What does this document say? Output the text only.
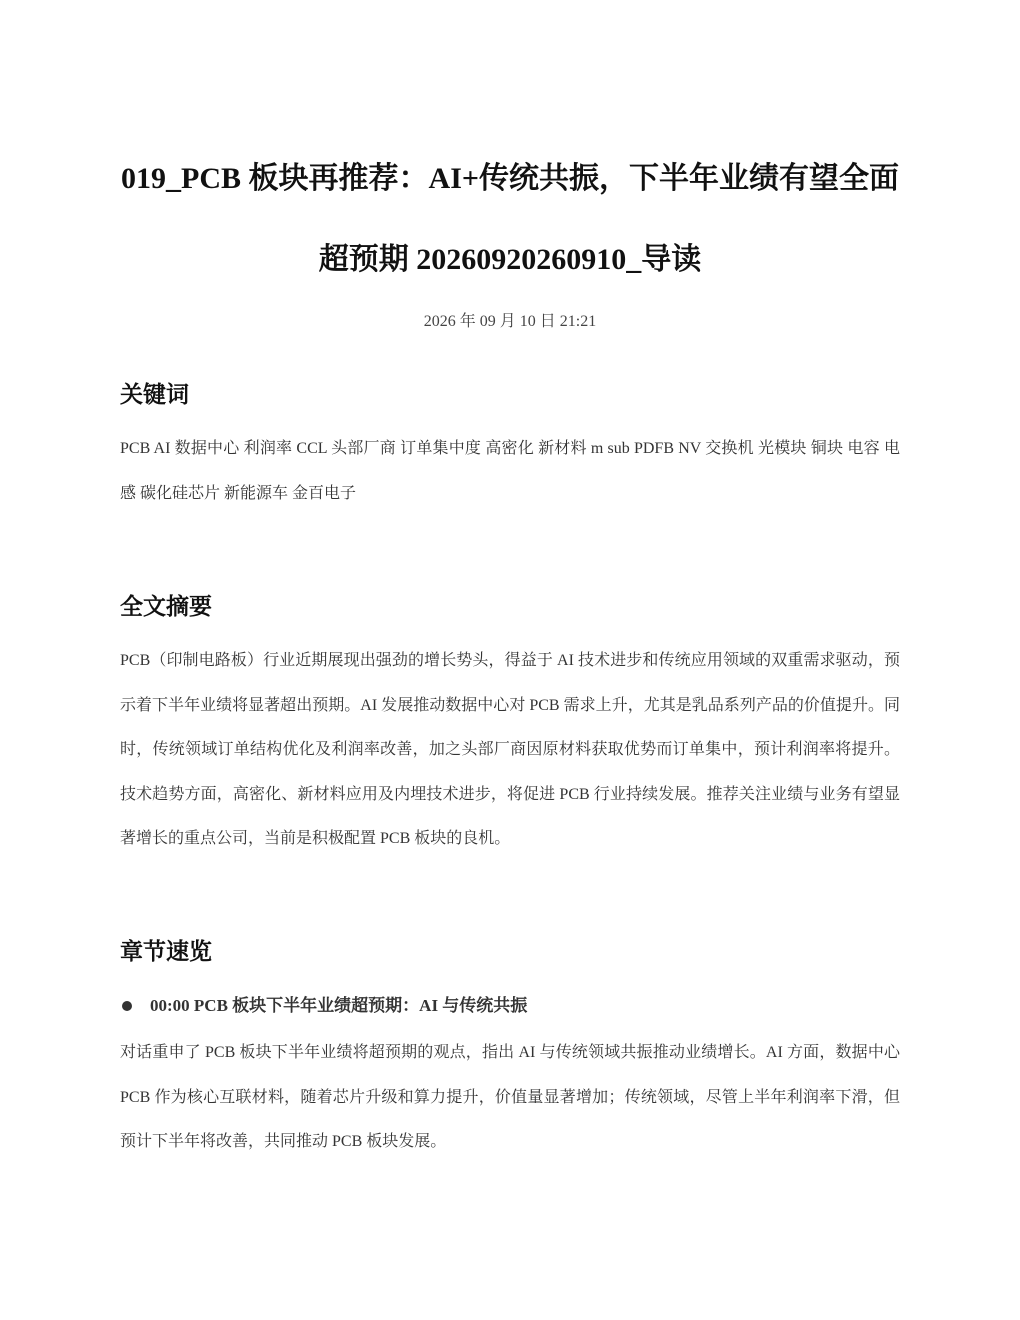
019_PCB 板块再推荐：AI+传统共振，下半年业绩有望全面超预期 20260920260910_导读
2026 年 09 月 10 日 21:21
关键词

PCB AI 数据中心 利润率 CCL 头部厂商 订单集中度 高密化 新材料 m sub PDFB NV 交换机 光模块 铜块 电容 电感 碳化硅芯片 新能源车 金百电子

全文摘要

PCB（印制电路板）行业近期展现出强劲的增长势头，得益于 AI 技术进步和传统应用领域的双重需求驱动，预示着下半年业绩将显著超出预期。AI 发展推动数据中心对 PCB 需求上升，尤其是乳品系列产品的价值提升。同时，传统领域订单结构优化及利润率改善，加之头部厂商因原材料获取优势而订单集中，预计利润率将提升。技术趋势方面，高密化、新材料应用及内埋技术进步，将促进 PCB 行业持续发展。推荐关注业绩与业务有望显著增长的重点公司，当前是积极配置 PCB 板块的良机。

章节速览
00:00 PCB 板块下半年业绩超预期：AI 与传统共振

对话重申了 PCB 板块下半年业绩将超预期的观点，指出 AI 与传统领域共振推动业绩增长。AI 方面，数据中心 PCB 作为核心互联材料，随着芯片升级和算力提升，价值量显著增加；传统领域，尽管上半年利润率下滑，但预计下半年将改善，共同推动 PCB 板块发展。
